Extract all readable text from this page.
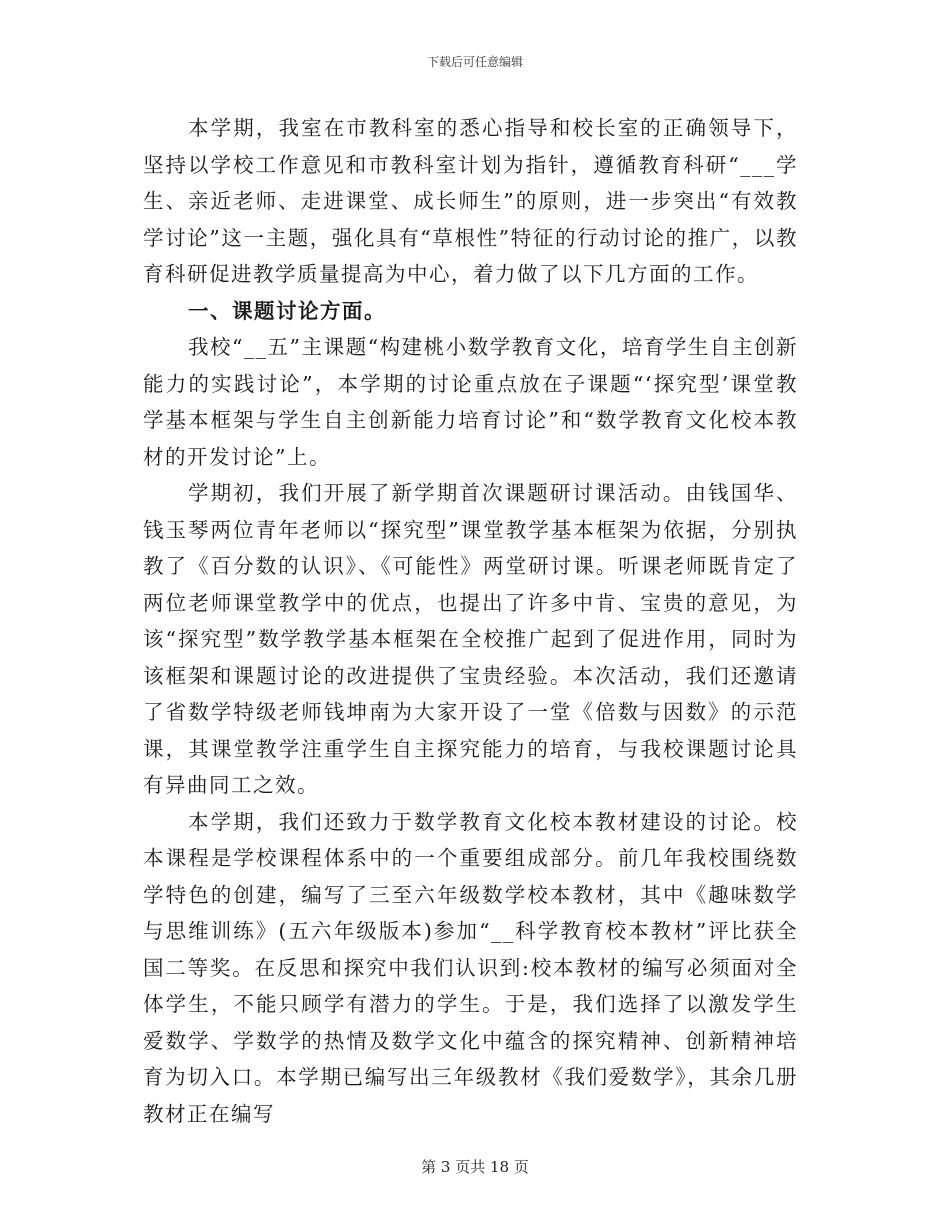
下载后可任意编辑

本学期，我室在市教科室的悉心指导和校长室的正确领导下，坚持以学校工作意见和市教科室计划为指针，遵循教育科研“___学生、亲近老师、走进课堂、成长师生”的原则，进一步突出“有效教学讨论”这一主题，强化具有“草根性”特征的行动讨论的推广，以教育科研促进教学质量提高为中心，着力做了以下几方面的工作。

一、课题讨论方面。

我校“__五”主课题“构建桃小数学教育文化，培育学生自主创新能力的实践讨论”，本学期的讨论重点放在子课题“‘探究型’课堂教学基本框架与学生自主创新能力培育讨论”和“数学教育文化校本教材的开发讨论”上。

学期初，我们开展了新学期首次课题研讨课活动。由钱国华、钱玉琴两位青年老师以“探究型”课堂教学基本框架为依据，分别执教了《百分数的认识》、《可能性》两堂研讨课。听课老师既肯定了两位老师课堂教学中的优点，也提出了许多中肯、宝贵的意见，为该“探究型”数学教学基本框架在全校推广起到了促进作用，同时为该框架和课题讨论的改进提供了宝贵经验。本次活动，我们还邀请了省数学特级老师钱坤南为大家开设了一堂《倍数与因数》的示范课，其课堂教学注重学生自主探究能力的培育，与我校课题讨论具有异曲同工之效。

本学期，我们还致力于数学教育文化校本教材建设的讨论。校本课程是学校课程体系中的一个重要组成部分。前几年我校围绕数学特色的创建，编写了三至六年级数学校本教材，其中《趣味数学与思维训练》(五六年级版本)参加“__科学教育校本教材”评比获全国二等奖。在反思和探究中我们认识到:校本教材的编写必须面对全体学生，不能只顾学有潜力的学生。于是，我们选择了以激发学生爱数学、学数学的热情及数学文化中蕴含的探究精神、创新精神培育为切入口。本学期已编写出三年级教材《我们爱数学》，其余几册教材正在编写

第 3 页共 18 页
